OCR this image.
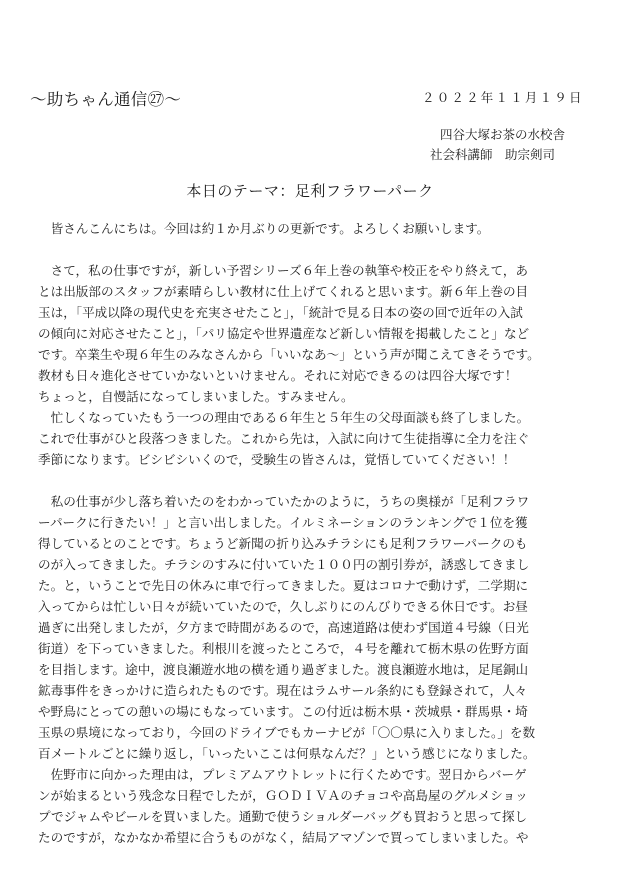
〜助ちゃん通信㉗〜	２０２２年１１月１９日
四谷大塚お茶の水校舎
社会科講師　助宗剣司
本日のテーマ：足利フラワーパーク
　皆さんこんにちは。今回は約１か月ぶりの更新です。よろしくお願いします。
　さて，私の仕事ですが，新しい予習シリーズ６年上巻の執筆や校正をやり終えて，あ
とは出版部のスタッフが素晴らしい教材に仕上げてくれると思います。新６年上巻の目
玉は，「平成以降の現代史を充実させたこと」，「統計で見る日本の姿の回で近年の入試
の傾向に対応させたこと」，「パリ協定や世界遺産など新しい情報を掲載したこと」など
です。卒業生や現６年生のみなさんから「いいなあ〜」という声が聞こえてきそうです。
教材も日々進化させていかないといけません。それに対応できるのは四谷大塚です！
ちょっと，自慢話になってしまいました。すみません。
　忙しくなっていたもう一つの理由である６年生と５年生の父母面談も終了しました。
これで仕事がひと段落つきました。これから先は，入試に向けて生徒指導に全力を注ぐ
季節になります。ビシビシいくので，受験生の皆さんは，覚悟していてください！！
　私の仕事が少し落ち着いたのをわかっていたかのように，うちの奥様が「足利フラワ
ーパークに行きたい！」と言い出しました。イルミネーションのランキングで１位を獲
得しているとのことです。ちょうど新聞の折り込みチラシにも足利フラワーパークのも
のが入ってきました。チラシのすみに付いていた１００円の割引券が，誘惑してきまし
た。と，いうことで先日の休みに車で行ってきました。夏はコロナで動けず，二学期に
入ってからは忙しい日々が続いていたので，久しぶりにのんびりできる休日です。お昼
過ぎに出発しましたが，夕方まで時間があるので，高速道路は使わず国道４号線（日光
街道）を下っていきました。利根川を渡ったところで，４号を離れて栃木県の佐野方面
を目指します。途中，渡良瀬遊水地の横を通り過ぎました。渡良瀬遊水地は，足尾銅山
鉱毒事件をきっかけに造られたものです。現在はラムサール条約にも登録されて，人々
や野鳥にとっての憩いの場にもなっています。この付近は栃木県・茨城県・群馬県・埼
玉県の県境になっており，今回のドライブでもカーナビが「〇〇県に入りました。」を数
百メートルごとに繰り返し，「いったいここは何県なんだ？」という感じになりました。
　佐野市に向かった理由は，プレミアムアウトレットに行くためです。翌日からバーゲ
ンが始まるという残念な日程でしたが，ＧＯＤＩＶＡのチョコや高島屋のグルメショッ
プでジャムやビールを買いました。通勤で使うショルダーバッグも買おうと思って探し
たのですが，なかなか希望に合うものがなく，結局アマゾンで買ってしまいました。や
